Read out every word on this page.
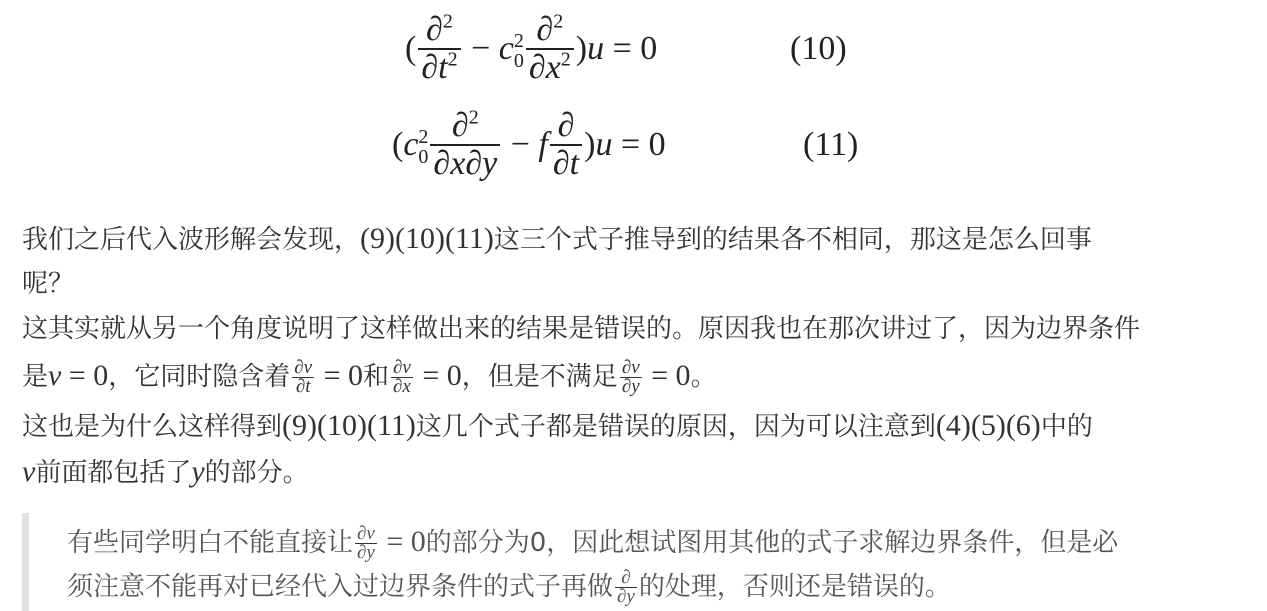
( $\frac{\partial^2}{\partial t^2} - c_0^2 \frac{\partial^2}{\partial x^2} )u = 0$	(10)
$(c_0^2 \frac{\partial^2}{\partial x\partial y} - f \frac{\partial}{\partial t} )u = 0$	(11)
我们之后代入波形解会发现，(9)(10)(11)这三个式子推导到的结果各不相同，那这是怎么回事
呢？
这其实就从另一个角度说明了这样做出来的结果是错误的。原因我也在那次讲过了，因为边界条件
是v = 0，它同时隐含着 $\frac{\partial v}{\partial t} = 0$和 $\frac{\partial v}{\partial x} = 0$，但是不满足 $\frac{\partial v}{\partial y} = 0$。
这也是为什么这样得到(9)(10)(11)这几个式子都是错误的原因，因为可以注意到(4)(5)(6)中的
v前面都包括了y的部分。
有些同学明白不能直接让 $\frac{\partial v}{\partial y} = 0$的部分为0，因此想试图用其他的式子求解边界条件，但是必
须注意不能再对已经代入过边界条件的式子再做 ∂
∂y 的处理，否则还是错误的。
